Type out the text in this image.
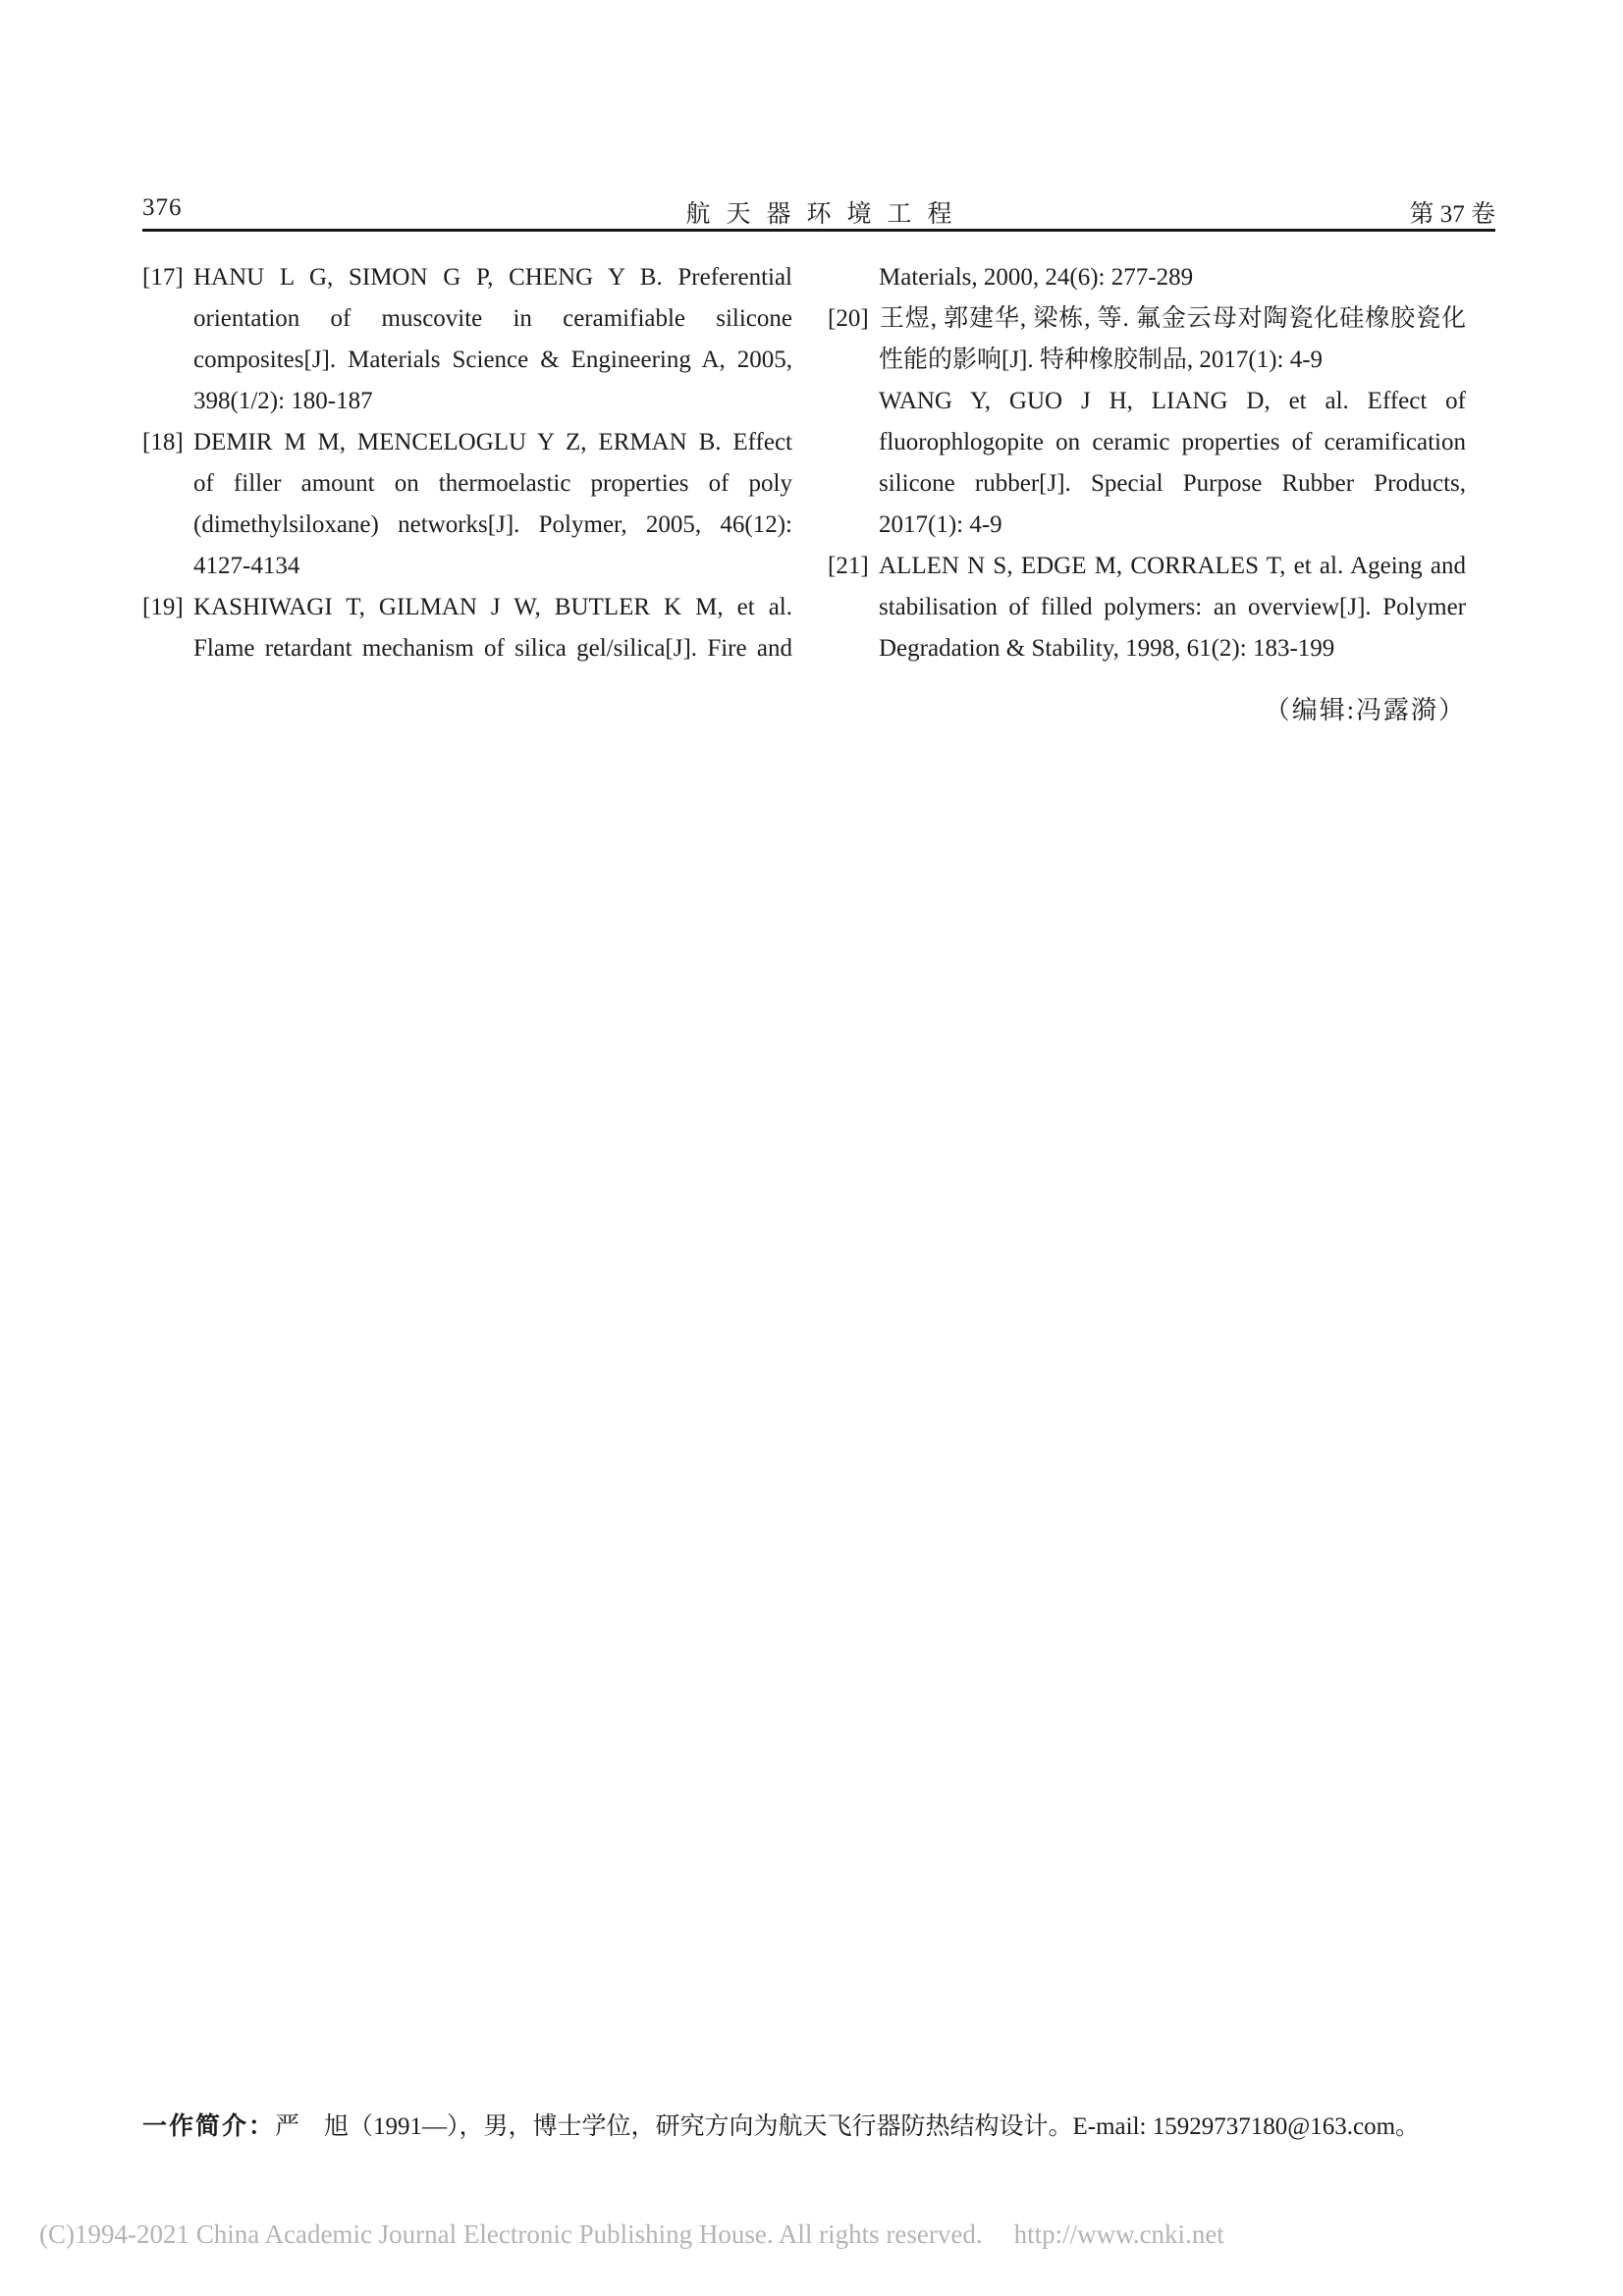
376	航天器环境工程	第 37 卷
[17] HANU L G, SIMON G P, CHENG Y B. Preferential
orientation of muscovite in ceramifiable silicone
composites[J]. Materials Science & Engineering A, 2005,
398(1/2): 180-187
[18] DEMIR M M, MENCELOGLU Y Z, ERMAN B. Effect
of filler amount on thermoelastic properties of poly
(dimethylsiloxane) networks[J]. Polymer, 2005, 46(12):
4127-4134
[19] KASHIWAGI T, GILMAN J W, BUTLER K M, et al.
Flame retardant mechanism of silica gel/silica[J]. Fire and
Materials, 2000, 24(6): 277-289
[20] 王煜, 郭建华, 梁栋, 等. 氟金云母对陶瓷化硅橡胶瓷化
性能的影响[J]. 特种橡胶制品, 2017(1): 4-9
WANG Y, GUO J H, LIANG D, et al. Effect of
fluorophlogopite on ceramic properties of ceramification
silicone rubber[J]. Special Purpose Rubber Products,
2017(1): 4-9
[21] ALLEN N S, EDGE M, CORRALES T, et al. Ageing and
stabilisation of filled polymers: an overview[J]. Polymer
Degradation & Stability, 1998, 61(2): 183-199
（编辑:冯露漪）
一作简介：严　旭（1991—），男，博士学位，研究方向为航天飞行器防热结构设计。E-mail: 15929737180@163.com。
(C)1994-2021 China Academic Journal Electronic Publishing House. All rights reserved. http://www.cnki.net
